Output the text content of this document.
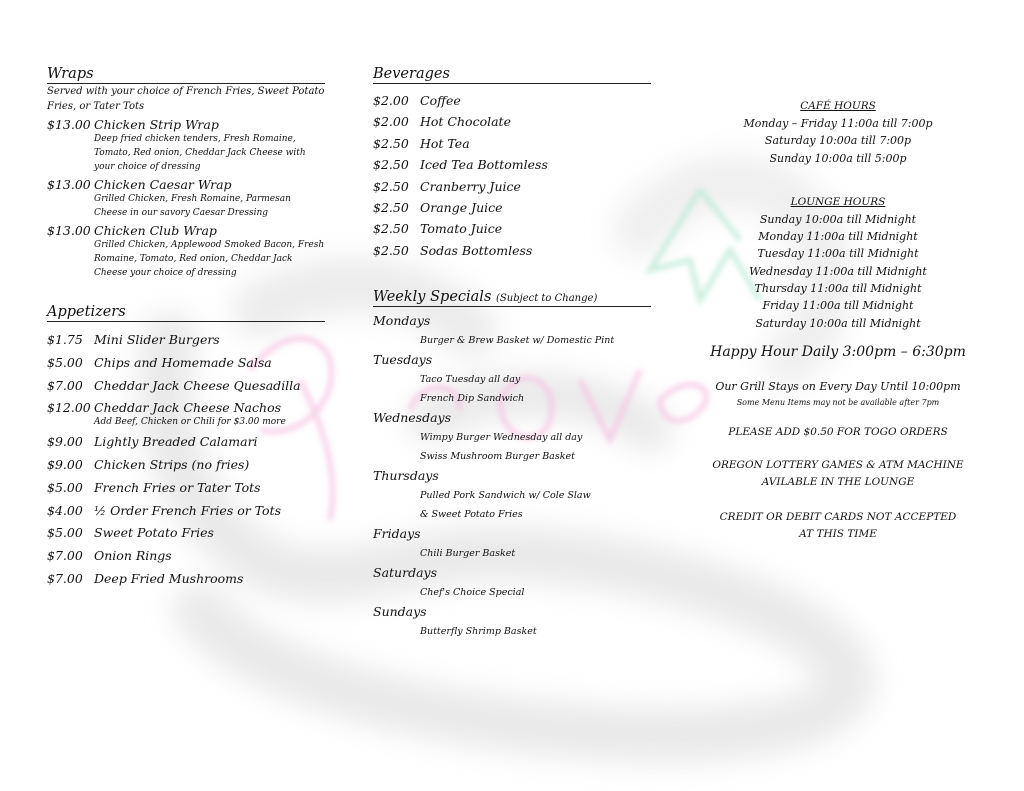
Wraps
Served with your choice of French Fries, Sweet Potato Fries, or Tater Tots
$13.00 Chicken Strip Wrap
Deep fried chicken tenders, Fresh Romaine, Tomato, Red onion, Cheddar Jack Cheese with your choice of dressing
$13.00 Chicken Caesar Wrap
Grilled Chicken, Fresh Romaine, Parmesan Cheese in our savory Caesar Dressing
$13.00 Chicken Club Wrap
Grilled Chicken, Applewood Smoked Bacon, Fresh Romaine, Tomato, Red onion, Cheddar Jack Cheese your choice of dressing
Appetizers
$1.75 Mini Slider Burgers
$5.00 Chips and Homemade Salsa
$7.00 Cheddar Jack Cheese Quesadilla
$12.00 Cheddar Jack Cheese Nachos
Add Beef, Chicken or Chili for $3.00 more
$9.00 Lightly Breaded Calamari
$9.00 Chicken Strips (no fries)
$5.00 French Fries or Tater Tots
$4.00 ½ Order French Fries or Tots
$5.00 Sweet Potato Fries
$7.00 Onion Rings
$7.00 Deep Fried Mushrooms
Beverages
$2.00 Coffee
$2.00 Hot Chocolate
$2.50 Hot Tea
$2.50 Iced Tea Bottomless
$2.50 Cranberry Juice
$2.50 Orange Juice
$2.50 Tomato Juice
$2.50 Sodas Bottomless
Weekly Specials (Subject to Change)
Mondays
Burger & Brew Basket w/ Domestic Pint
Tuesdays
Taco Tuesday all day
French Dip Sandwich
Wednesdays
Wimpy Burger Wednesday all day
Swiss Mushroom Burger Basket
Thursdays
Pulled Pork Sandwich w/ Cole Slaw
& Sweet Potato Fries
Fridays
Chili Burger Basket
Saturdays
Chef's Choice Special
Sundays
Butterfly Shrimp Basket
CAFÉ HOURS
Monday – Friday 11:00a till 7:00p
Saturday 10:00a till 7:00p
Sunday 10:00a till 5:00p
LOUNGE HOURS
Sunday 10:00a till Midnight
Monday 11:00a till Midnight
Tuesday 11:00a till Midnight
Wednesday 11:00a till Midnight
Thursday 11:00a till Midnight
Friday 11:00a till Midnight
Saturday 10:00a till Midnight
Happy Hour Daily 3:00pm – 6:30pm
Our Grill Stays on Every Day Until 10:00pm
Some Menu Items may not be available after 7pm
PLEASE ADD $0.50 FOR TOGO ORDERS
OREGON LOTTERY GAMES & ATM MACHINE AVILABLE IN THE LOUNGE
CREDIT OR DEBIT CARDS NOT ACCEPTED AT THIS TIME
